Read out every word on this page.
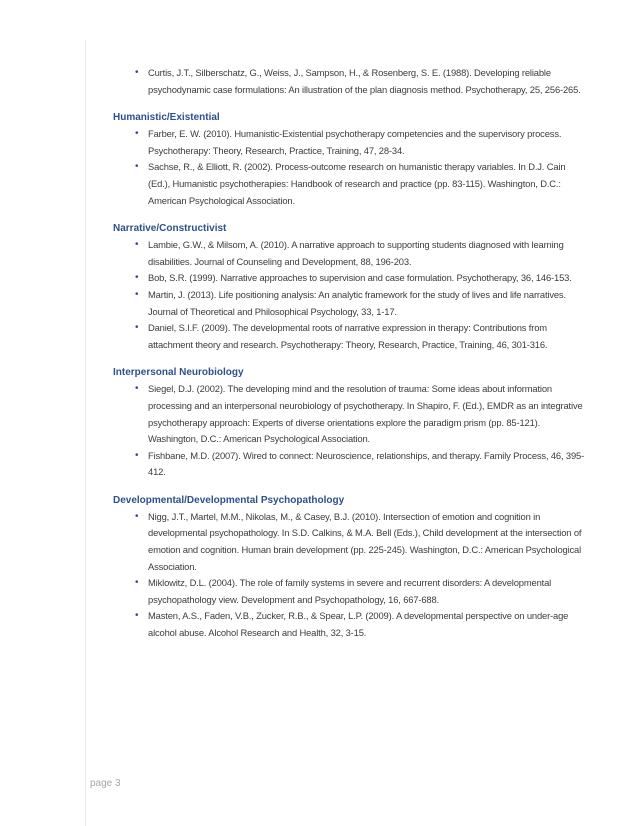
• Curtis, J.T., Silberschatz, G., Weiss, J., Sampson, H., & Rosenberg, S. E. (1988). Developing reliable psychodynamic case formulations: An illustration of the plan diagnosis method. Psychotherapy, 25, 256-265.
Humanistic/Existential
• Farber, E. W. (2010). Humanistic-Existential psychotherapy competencies and the supervisory process. Psychotherapy: Theory, Research, Practice, Training, 47, 28-34.
• Sachse, R., & Elliott, R. (2002). Process-outcome research on humanistic therapy variables. In D.J. Cain (Ed.), Humanistic psychotherapies: Handbook of research and practice (pp. 83-115). Washington, D.C.: American Psychological Association.
Narrative/Constructivist
• Lambie, G.W., & Milsom, A. (2010). A narrative approach to supporting students diagnosed with learning disabilities. Journal of Counseling and Development, 88, 196-203.
• Bob, S.R. (1999). Narrative approaches to supervision and case formulation. Psychotherapy, 36, 146-153.
• Martin, J. (2013). Life positioning analysis: An analytic framework for the study of lives and life narratives. Journal of Theoretical and Philosophical Psychology, 33, 1-17.
• Daniel, S.I.F. (2009). The developmental roots of narrative expression in therapy: Contributions from attachment theory and research. Psychotherapy: Theory, Research, Practice, Training, 46, 301-316.
Interpersonal Neurobiology
• Siegel, D.J. (2002). The developing mind and the resolution of trauma: Some ideas about information processing and an interpersonal neurobiology of psychotherapy. In Shapiro, F. (Ed.), EMDR as an integrative psychotherapy approach: Experts of diverse orientations explore the paradigm prism (pp. 85-121). Washington, D.C.: American Psychological Association.
• Fishbane, M.D. (2007). Wired to connect: Neuroscience, relationships, and therapy. Family Process, 46, 395-412.
Developmental/Developmental Psychopathology
• Nigg, J.T., Martel, M.M., Nikolas, M., & Casey, B.J. (2010). Intersection of emotion and cognition in developmental psychopathology. In S.D. Calkins, & M.A. Bell (Eds.), Child development at the intersection of emotion and cognition. Human brain development (pp. 225-245). Washington, D.C.: American Psychological Association.
• Miklowitz, D.L. (2004). The role of family systems in severe and recurrent disorders: A developmental psychopathology view. Development and Psychopathology, 16, 667-688.
• Masten, A.S., Faden, V.B., Zucker, R.B., & Spear, L.P. (2009). A developmental perspective on under-age alcohol abuse. Alcohol Research and Health, 32, 3-15.
page 3
